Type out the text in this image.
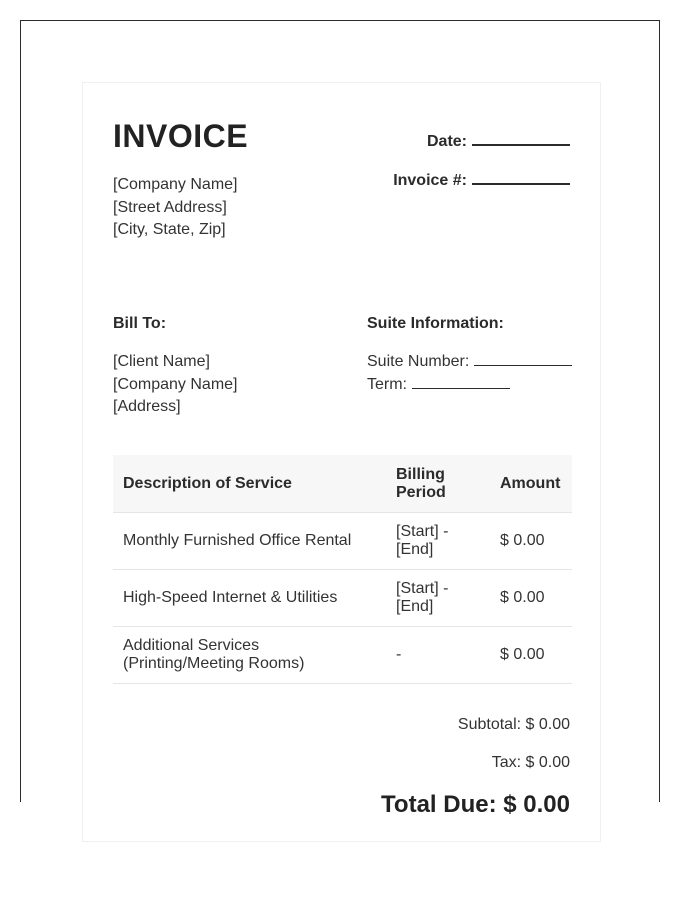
INVOICE	Date:
Invoice #:
[Company Name]
[Street Address]
[City, State, Zip]
Bill To:	Suite Information:
[Client Name]
[Company Name]
[Address]
Suite Number:
Term:
Description of Service	Billing Period	Amount
Monthly Furnished Office Rental	[Start] - [End]	$ 0.00
High-Speed Internet & Utilities	[Start] - [End]	$ 0.00
Additional Services (Printing/Meeting Rooms)	-	$ 0.00
Subtotal: $ 0.00
Tax: $ 0.00
Total Due: $ 0.00
